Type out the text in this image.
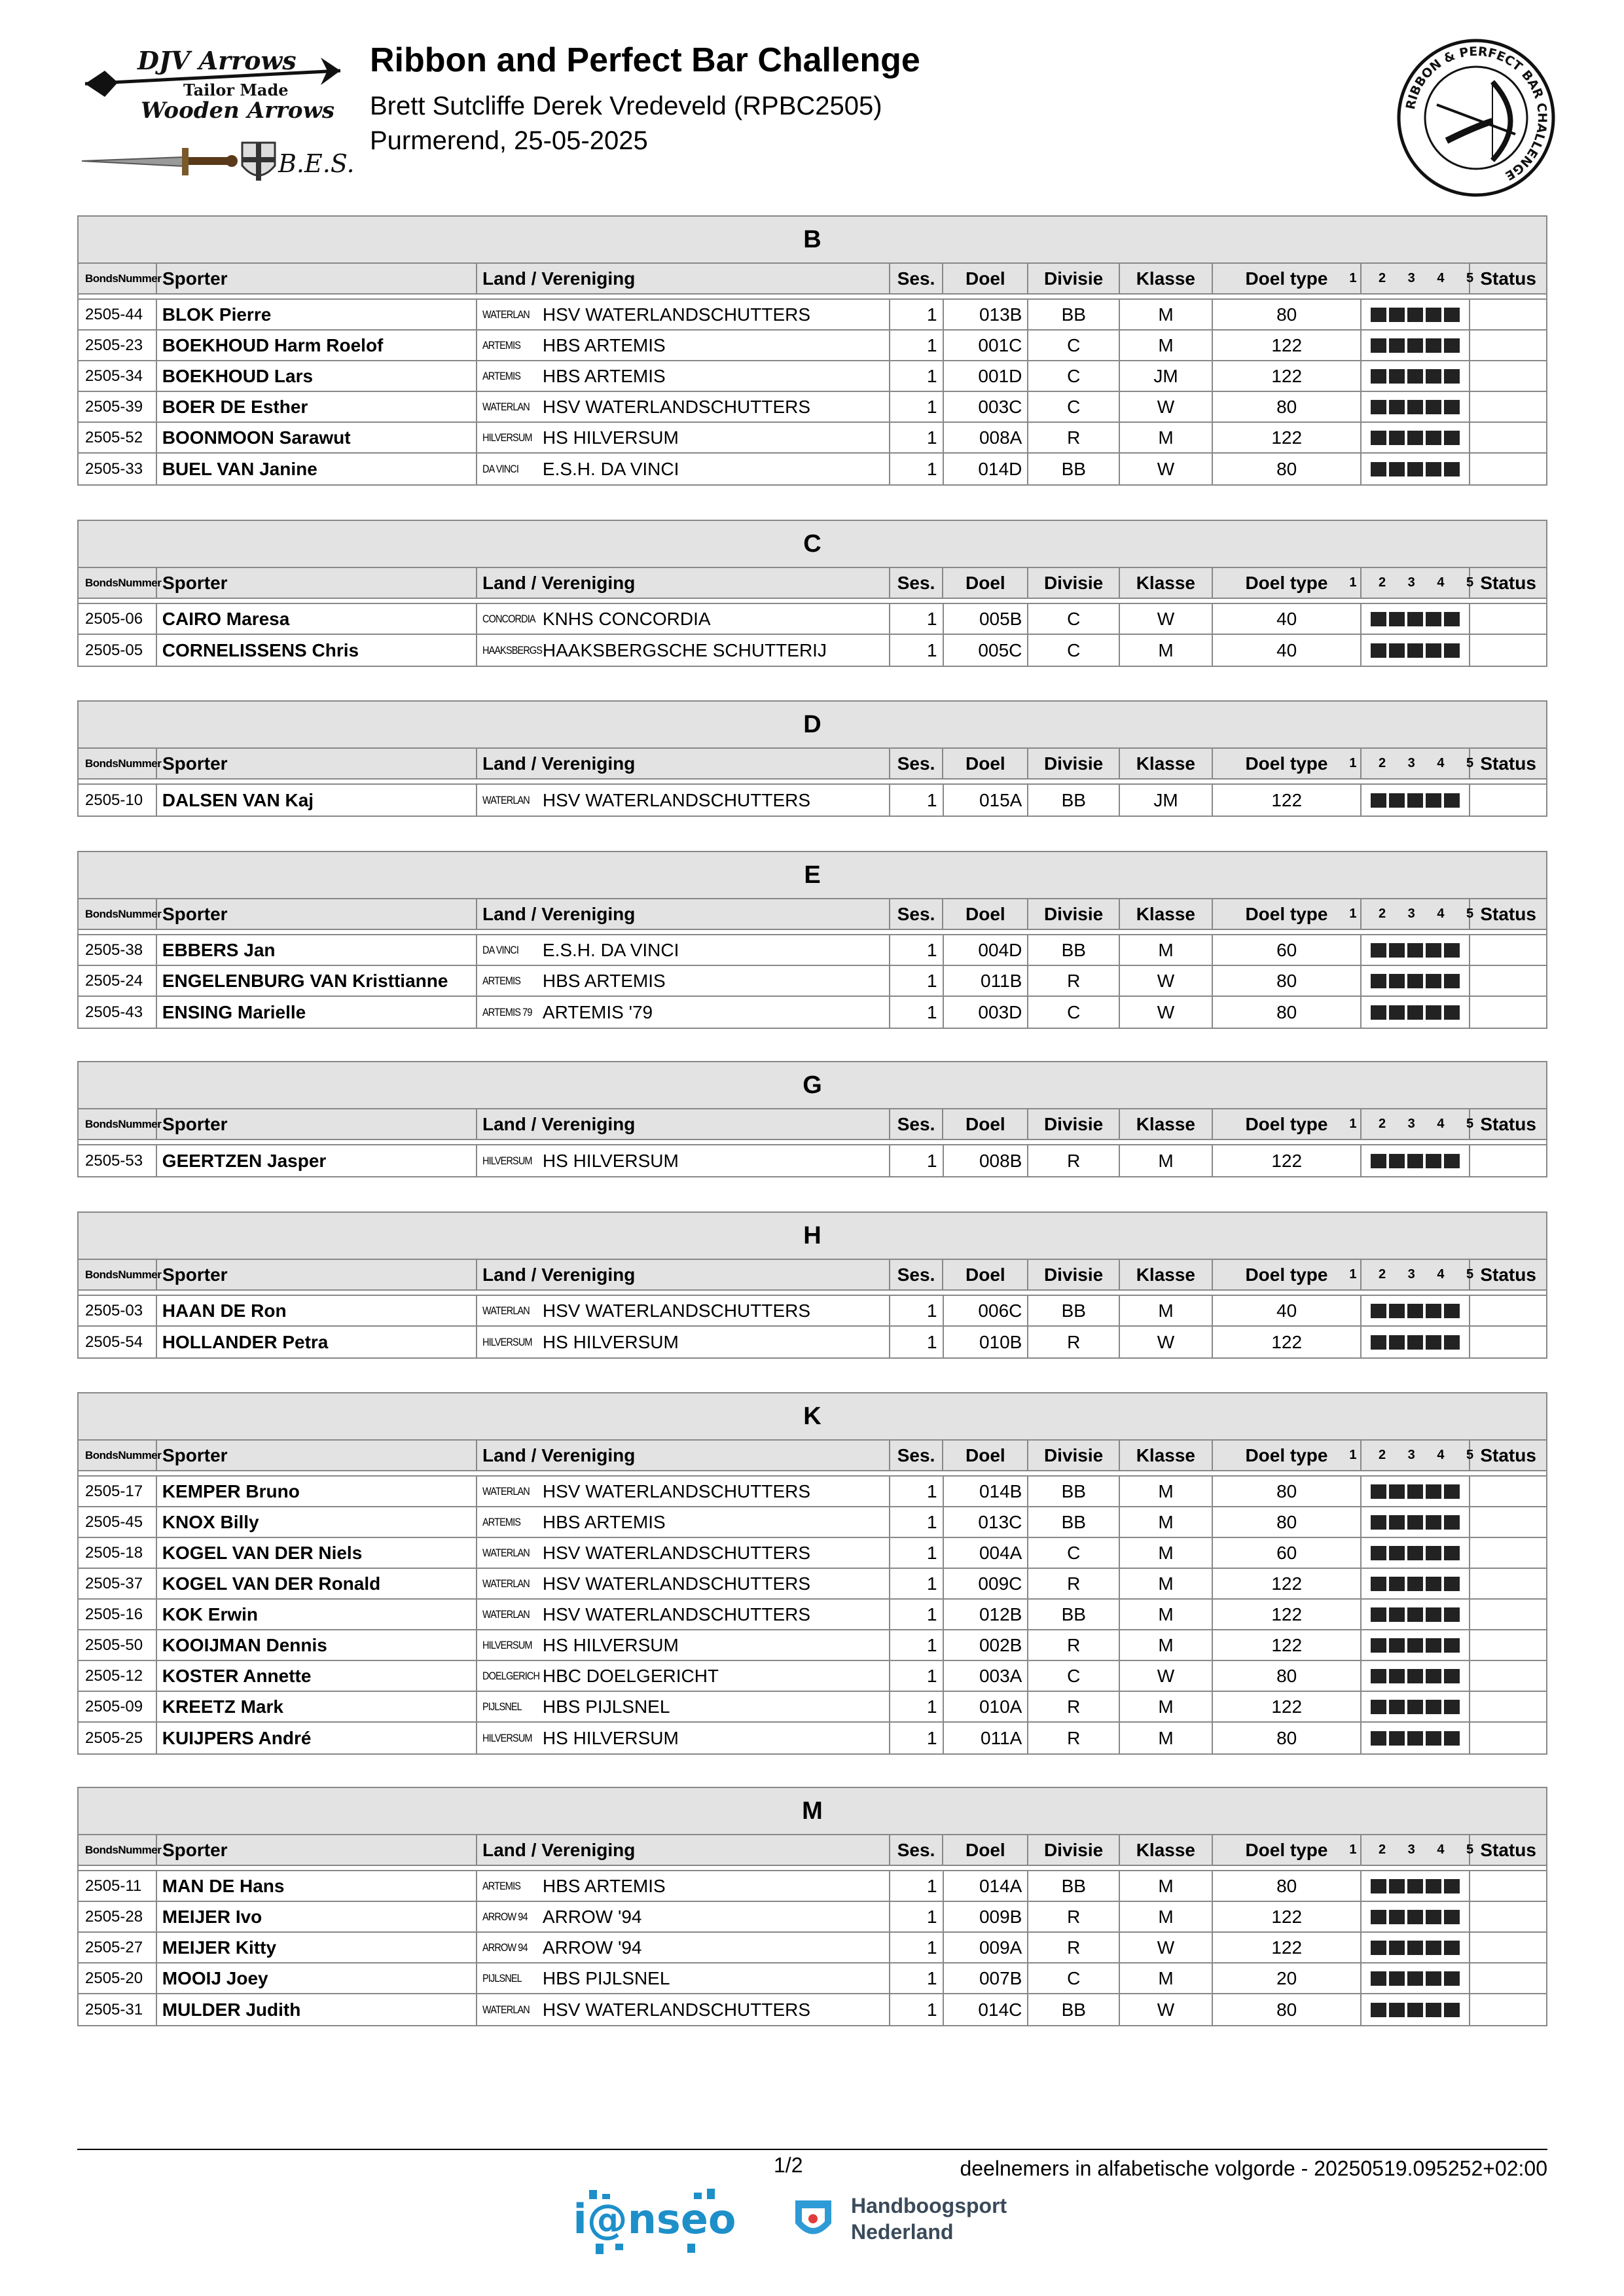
DJV Arrows
Tailor Made
Wooden Arrows
B.E.S.
Ribbon and Perfect Bar Challenge
Brett Sutcliffe Derek Vredeveld (RPBC2505)
Purmerend, 25-05-2025
RIBBON & PERFECT BAR CHALLENGE
B
BondsNummer Sporter	Land / Vereniging	Ses.	Doel	Divisie	Klasse	Doel type	1 2 3 4 5
Status
2505-44	BLOK Pierre	WATERLAN HSV WATERLANDSCHUTTERS	1	013B	BB	M	80
2505-23	BOEKHOUD Harm Roelof	ARTEMIS	HBS ARTEMIS	1	001C	C	M	122
2505-34	BOEKHOUD Lars	ARTEMIS	HBS ARTEMIS	1	001D	C	JM	122
2505-39	BOER DE Esther	WATERLAN HSV WATERLANDSCHUTTERS	1	003C	C	W	80
2505-52	BOONMOON Sarawut	HILVERSUM HS HILVERSUM	1	008A	R	M	122
2505-33	BUEL VAN Janine	DA VINCI	E.S.H. DA VINCI	1	014D	BB	W	80
C
BondsNummer Sporter	Land / Vereniging	Ses.	Doel	Divisie	Klasse	Doel type	1 2 3 4 5
Status
2505-06	CAIRO Maresa	CONCORDIA KNHS CONCORDIA	1	005B	C	W	40
2505-05	CORNELISSENS Chris	HAAKSBERGS HAAKSBERGSCHE SCHUTTERIJ	1	005C	C	M	40
D
BondsNummer Sporter	Land / Vereniging	Ses.	Doel	Divisie	Klasse	Doel type	1 2 3 4 5
Status
2505-10	DALSEN VAN Kaj	WATERLAN HSV WATERLANDSCHUTTERS	1	015A	BB	JM	122
E
BondsNummer Sporter	Land / Vereniging	Ses.	Doel	Divisie	Klasse	Doel type	1 2 3 4 5
Status
2505-38	EBBERS Jan	DA VINCI	E.S.H. DA VINCI	1	004D	BB	M	60
2505-24	ENGELENBURG VAN Kristtianne	ARTEMIS	HBS ARTEMIS	1	011B	R	W	80
2505-43	ENSING Marielle	ARTEMIS 79 ARTEMIS '79	1	003D	C	W	80
G
BondsNummer Sporter	Land / Vereniging	Ses.	Doel	Divisie	Klasse	Doel type	1 2 3 4 5
Status
2505-53	GEERTZEN Jasper	HILVERSUM HS HILVERSUM	1	008B	R	M	122
H
BondsNummer Sporter	Land / Vereniging	Ses.	Doel	Divisie	Klasse	Doel type	1 2 3 4 5
Status
2505-03	HAAN DE Ron	WATERLAN HSV WATERLANDSCHUTTERS	1	006C	BB	M	40
2505-54	HOLLANDER Petra	HILVERSUM HS HILVERSUM	1	010B	R	W	122
K
BondsNummer Sporter	Land / Vereniging	Ses.	Doel	Divisie	Klasse	Doel type	1 2 3 4 5
Status
2505-17	KEMPER Bruno	WATERLAN HSV WATERLANDSCHUTTERS	1	014B	BB	M	80
2505-45	KNOX Billy	ARTEMIS	HBS ARTEMIS	1	013C	BB	M	80
2505-18	KOGEL VAN DER Niels	WATERLAN HSV WATERLANDSCHUTTERS	1	004A	C	M	60
2505-37	KOGEL VAN DER Ronald	WATERLAN HSV WATERLANDSCHUTTERS	1	009C	R	M	122
2505-16	KOK Erwin	WATERLAN HSV WATERLANDSCHUTTERS	1	012B	BB	M	122
2505-50	KOOIJMAN Dennis	HILVERSUM HS HILVERSUM	1	002B	R	M	122
2505-12	KOSTER Annette	DOELGERICH HBC DOELGERICHT	1	003A	C	W	80
2505-09	KREETZ Mark	PIJLSNEL	HBS PIJLSNEL	1	010A	R	M	122
2505-25	KUIJPERS André	HILVERSUM HS HILVERSUM	1	011A	R	M	80
M
BondsNummer Sporter	Land / Vereniging	Ses.	Doel	Divisie	Klasse	Doel type	1 2 3 4 5
Status
2505-11	MAN DE Hans	ARTEMIS	HBS ARTEMIS	1	014A	BB	M	80
2505-28	MEIJER Ivo	ARROW 94 ARROW '94	1	009B	R	M	122
2505-27	MEIJER Kitty	ARROW 94 ARROW '94	1	009A	R	W	122
2505-20	MOOIJ Joey	PIJLSNEL	HBS PIJLSNEL	1	007B	C	M	20
2505-31	MULDER Judith	WATERLAN HSV WATERLANDSCHUTTERS	1	014C	BB	W	80
1/2	deelnemers in alfabetische volgorde - 20250519.095252+02:00
i@nseo	Handboogsport
Nederland
